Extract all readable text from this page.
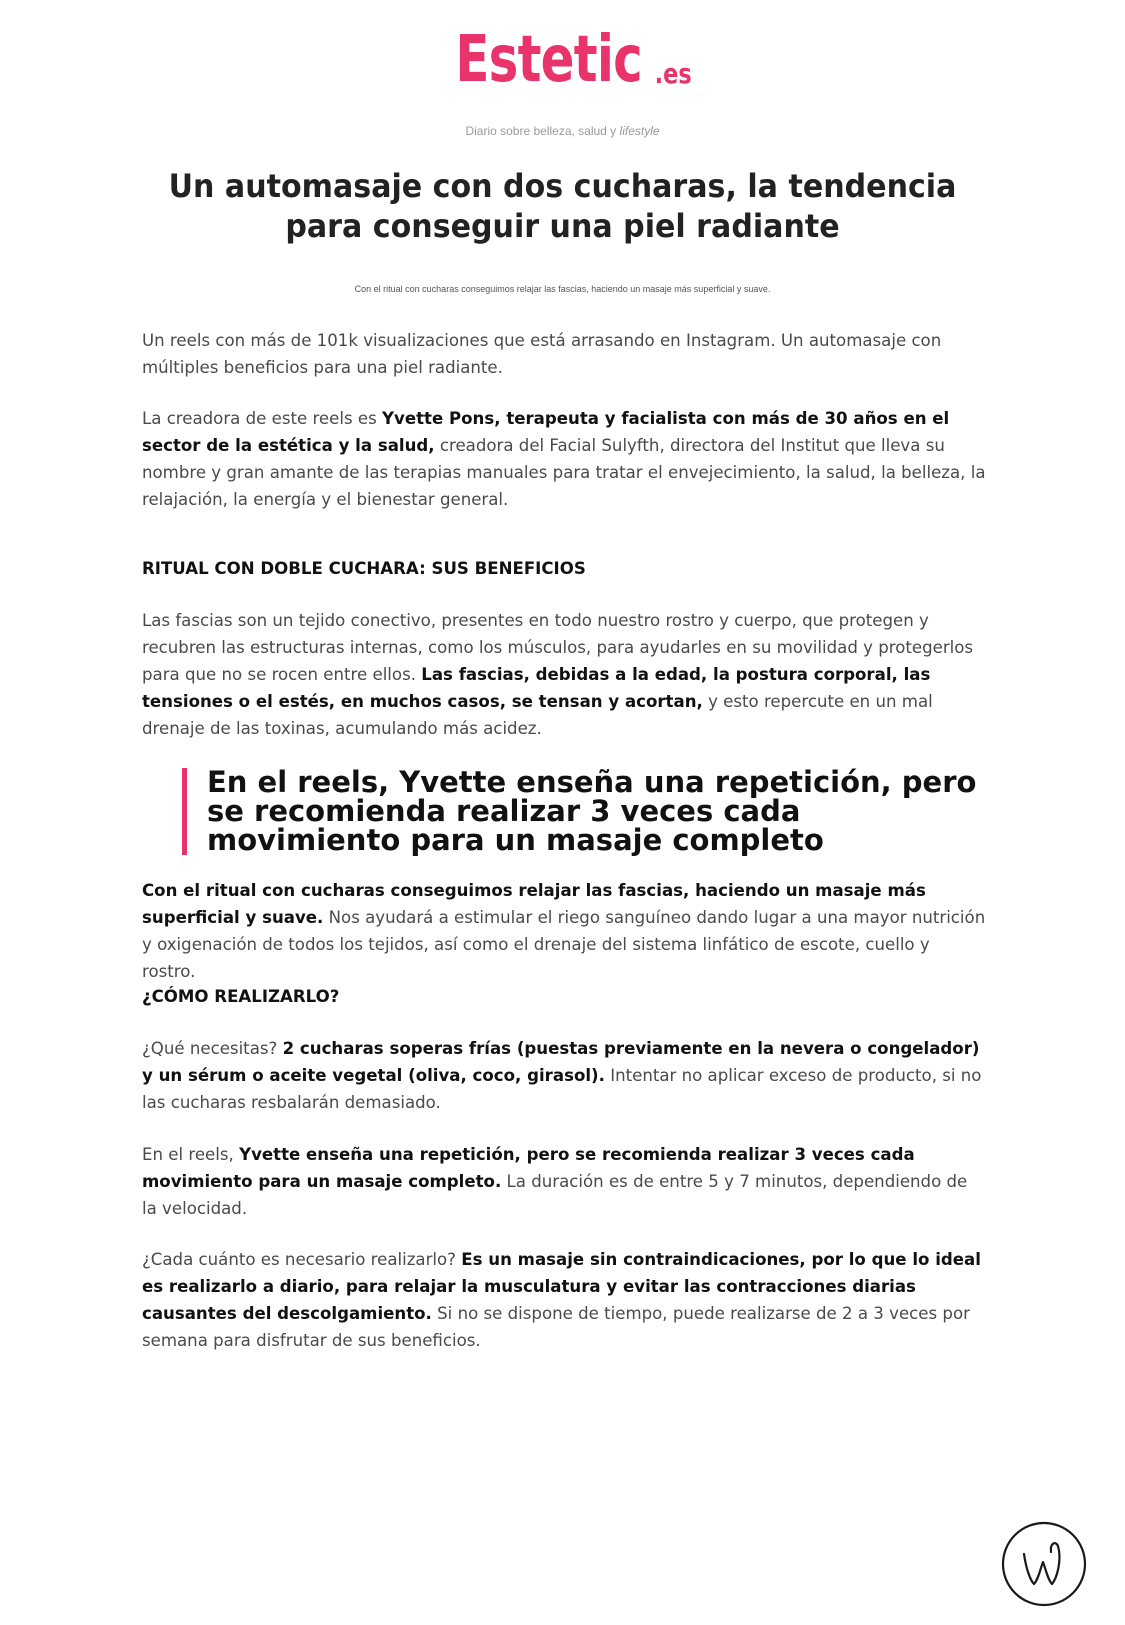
Estetic .es
Diario sobre belleza, salud y lifestyle
Un automasaje con dos cucharas, la tendencia para conseguir una piel radiante
Con el ritual con cucharas conseguimos relajar las fascias, haciendo un masaje más superficial y suave.

Un reels con más de 101k visualizaciones que está arrasando en Instagram. Un automasaje con múltiples beneficios para una piel radiante.

La creadora de este reels es Yvette Pons, terapeuta y facialista con más de 30 años en el sector de la estética y la salud, creadora del Facial Sulyfth, directora del Institut que lleva su nombre y gran amante de las terapias manuales para tratar el envejecimiento, la salud, la belleza, la relajación, la energía y el bienestar general.

RITUAL CON DOBLE CUCHARA: SUS BENEFICIOS

Las fascias son un tejido conectivo, presentes en todo nuestro rostro y cuerpo, que protegen y recubren las estructuras internas, como los músculos, para ayudarles en su movilidad y protegerlos para que no se rocen entre ellos. Las fascias, debidas a la edad, la postura corporal, las tensiones o el estés, en muchos casos, se tensan y acortan, y esto repercute en un mal drenaje de las toxinas, acumulando más acidez.

En el reels, Yvette enseña una repetición, pero se recomienda realizar 3 veces cada movimiento para un masaje completo

Con el ritual con cucharas conseguimos relajar las fascias, haciendo un masaje más superficial y suave. Nos ayudará a estimular el riego sanguíneo dando lugar a una mayor nutrición y oxigenación de todos los tejidos, así como el drenaje del sistema linfático de escote, cuello y rostro.

¿CÓMO REALIZARLO?

¿Qué necesitas? 2 cucharas soperas frías (puestas previamente en la nevera o congelador) y un sérum o aceite vegetal (oliva, coco, girasol). Intentar no aplicar exceso de producto, si no las cucharas resbalarán demasiado.

En el reels, Yvette enseña una repetición, pero se recomienda realizar 3 veces cada movimiento para un masaje completo. La duración es de entre 5 y 7 minutos, dependiendo de la velocidad.

¿Cada cuánto es necesario realizarlo? Es un masaje sin contraindicaciones, por lo que lo ideal es realizarlo a diario, para relajar la musculatura y evitar las contracciones diarias causantes del descolgamiento. Si no se dispone de tiempo, puede realizarse de 2 a 3 veces por semana para disfrutar de sus beneficios.
